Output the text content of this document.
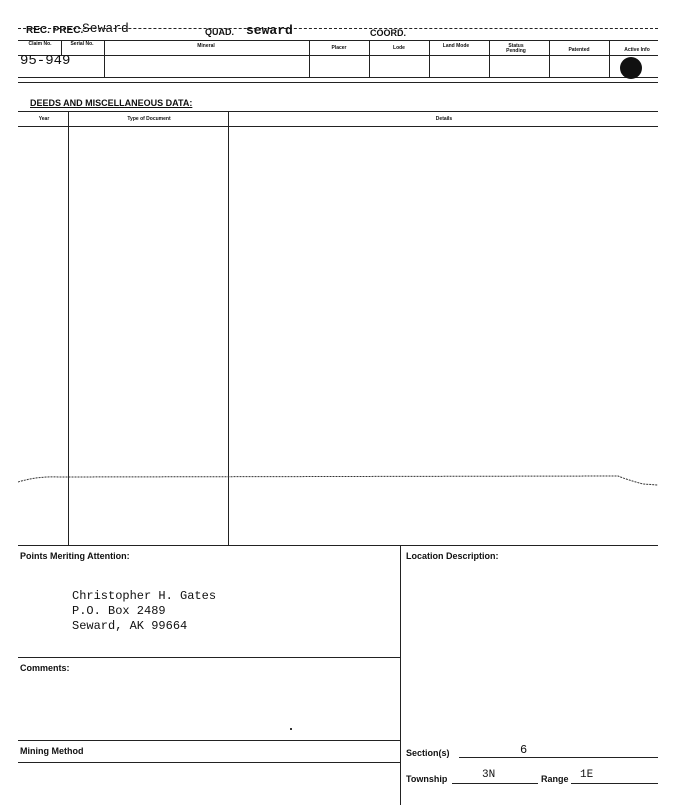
REC. PREC.
Seward	QUAD. seward	COORD.
Claim No.	Serial No.	Mineral	Placer	Lode	Land Mode	Status Pending	Patented	Active Info
95-949
DEEDS AND MISCELLANEOUS DATA:
Year	Type of Document	Details
Points Meriting Attention:
Christopher H. Gates
P.O. Box 2489
Seward, AK 99664
Location Description:
Comments:
Mining Method	Section(s)	6
Township	3N	Range 1E
